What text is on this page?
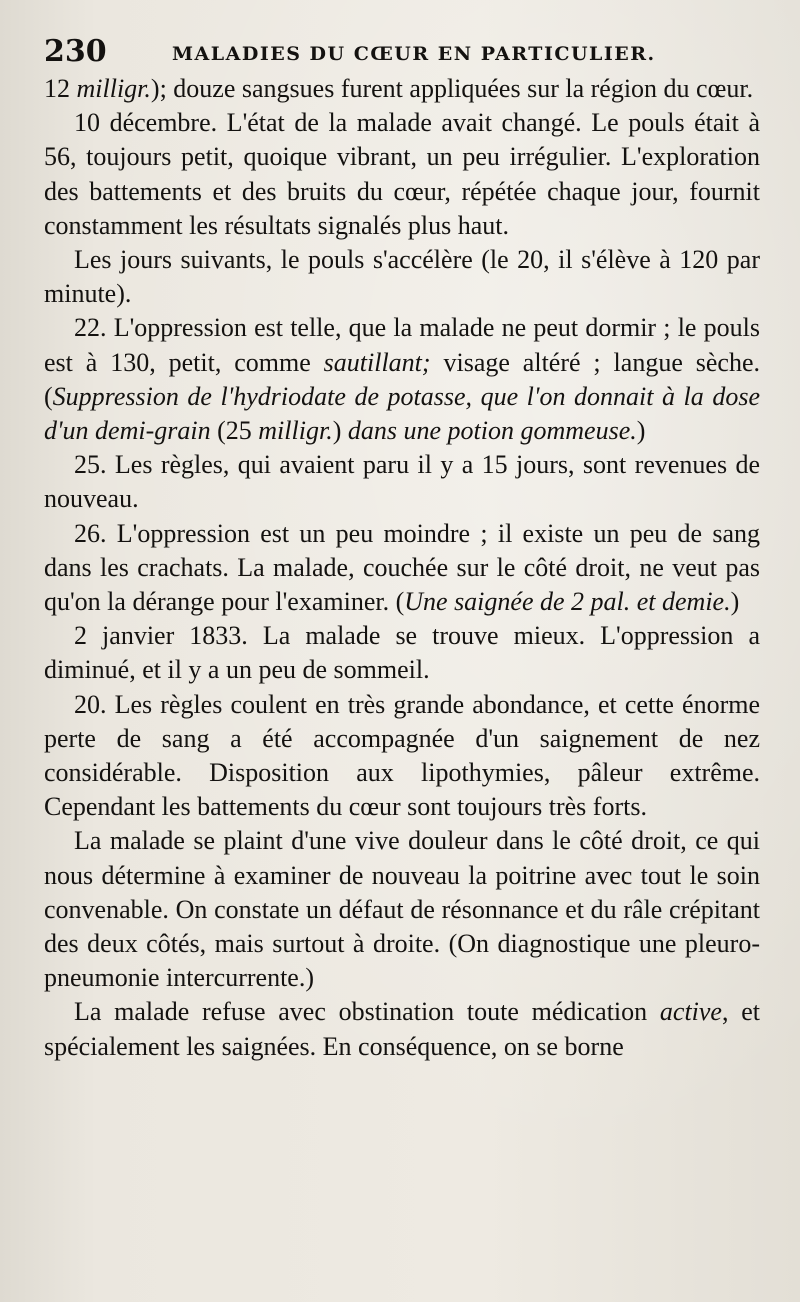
230	MALADIES DU CŒUR EN PARTICULIER.

12 milligr.); douze sangsues furent appliquées sur la région du cœur.

10 décembre. L'état de la malade avait changé. Le pouls était à 56, toujours petit, quoique vibrant, un peu irrégulier. L'exploration des battements et des bruits du cœur, répétée chaque jour, fournit constamment les résultats signalés plus haut.

Les jours suivants, le pouls s'accélère (le 20, il s'élève à 120 par minute).

22. L'oppression est telle, que la malade ne peut dormir ; le pouls est à 130, petit, comme sautillant; visage altéré ; langue sèche. (Suppression de l'hydriodate de potasse, que l'on donnait à la dose d'un demi-grain (25 milligr.) dans une potion gommeuse.)

25. Les règles, qui avaient paru il y a 15 jours, sont revenues de nouveau.

26. L'oppression est un peu moindre ; il existe un peu de sang dans les crachats. La malade, couchée sur le côté droit, ne veut pas qu'on la dérange pour l'examiner. (Une saignée de 2 pal. et demie.)

2 janvier 1833. La malade se trouve mieux. L'oppression a diminué, et il y a un peu de sommeil.

20. Les règles coulent en très grande abondance, et cette énorme perte de sang a été accompagnée d'un saignement de nez considérable. Disposition aux lipothymies, pâleur extrême. Cependant les battements du cœur sont toujours très forts.

La malade se plaint d'une vive douleur dans le côté droit, ce qui nous détermine à examiner de nouveau la poitrine avec tout le soin convenable. On constate un défaut de résonnance et du râle crépitant des deux côtés, mais surtout à droite. (On diagnostique une pleuro-pneumonie intercurrente.)

La malade refuse avec obstination toute médication active, et spécialement les saignées. En conséquence, on se borne
